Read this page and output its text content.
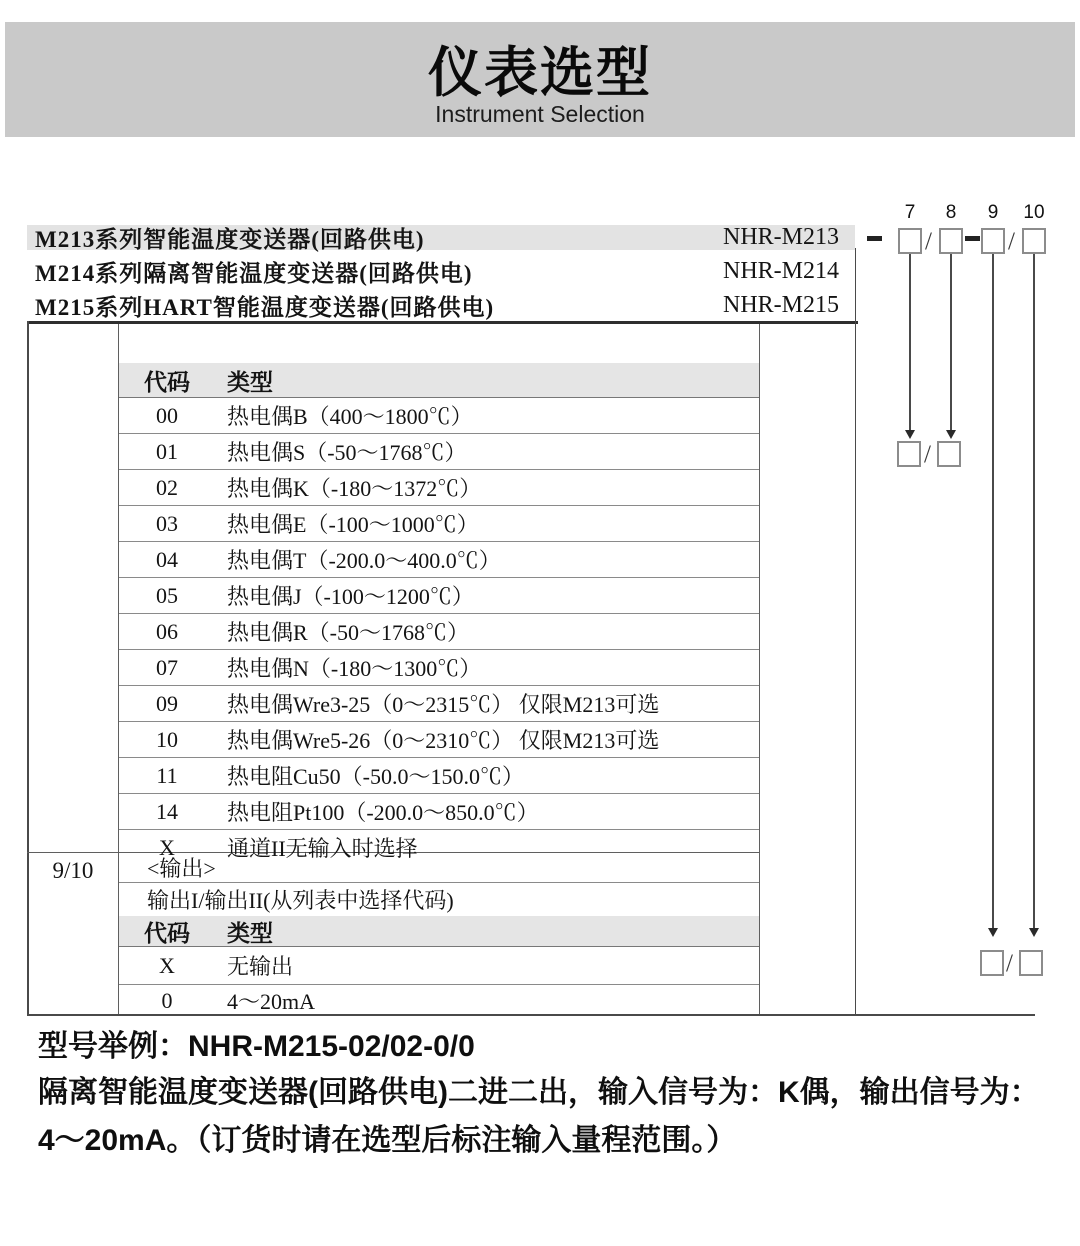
仪表选型
Instrument Selection
M213系列智能温度变送器(回路供电)	NHR-M213
M214系列隔离智能温度变送器(回路供电)	NHR-M214
M215系列HART智能温度变送器(回路供电)	NHR-M215
7	8	9	10
/	/
/
/
代码	类型
00	热电偶B（400～1800℃）
01	热电偶S（-50～1768℃）
02	热电偶K（-180～1372℃）
03	热电偶E（-100～1000℃）
04	热电偶T（-200.0～400.0℃）
05	热电偶J（-100～1200℃）
06	热电偶R（-50～1768℃）
07	热电偶N（-180～1300℃）
09	热电偶Wre3-25（0～2315℃） 仅限M213可选
10	热电偶Wre5-26（0～2310℃） 仅限M213可选
11	热电阻Cu50（-50.0～150.0℃）
14	热电阻Pt100（-200.0～850.0℃）
X	通道II无输入时选择
9/10	<输出>
输出I/输出II(从列表中选择代码)
代码	类型
X	无输出
0	4～20mA
型号举例：NHR-M215-02/02-0/0
隔离智能温度变送器(回路供电)二进二出，输入信号为：K偶，输出信号为：
4～20mA。（订货时请在选型后标注输入量程范围。）
